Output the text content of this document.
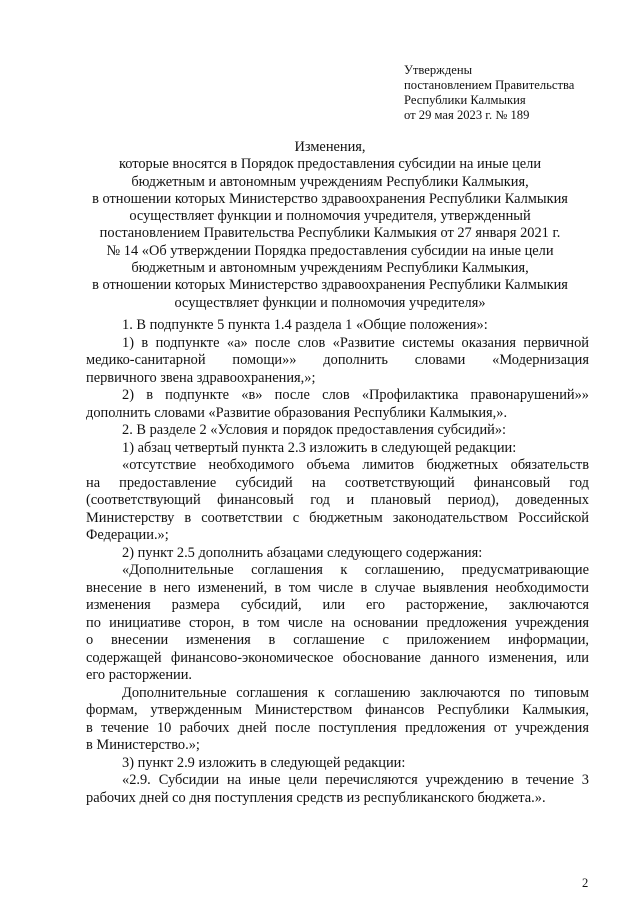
Утверждены
постановлением Правительства
Республики Калмыкия
от 29 мая 2023 г. № 189
Изменения,
которые вносятся в Порядок предоставления субсидии на иные цели
бюджетным и автономным учреждениям Республики Калмыкия,
в отношении которых Министерство здравоохранения Республики Калмыкия
осуществляет функции и полномочия учредителя, утвержденный
постановлением Правительства Республики Калмыкия от 27 января 2021 г.
№ 14 «Об утверждении Порядка предоставления субсидии на иные цели
бюджетным и автономным учреждениям Республики Калмыкия,
в отношении которых Министерство здравоохранения Республики Калмыкия
осуществляет функции и полномочия учредителя»
1. В подпункте 5 пункта 1.4 раздела 1 «Общие положения»:
1) в подпункте «а» после слов «Развитие системы оказания первичной
медико-санитарной помощи»» дополнить словами «Модернизация
первичного звена здравоохранения,»;
2) в подпункте «в» после слов «Профилактика правонарушений»»
дополнить словами «Развитие образования Республики Калмыкия,».
2. В разделе 2 «Условия и порядок предоставления субсидий»:
1) абзац четвертый пункта 2.3 изложить в следующей редакции:
«отсутствие необходимого объема лимитов бюджетных обязательств
на предоставление субсидий на соответствующий финансовый год
(соответствующий финансовый год и плановый период), доведенных
Министерству в соответствии с бюджетным законодательством Российской
Федерации.»;
2) пункт 2.5 дополнить абзацами следующего содержания:
«Дополнительные соглашения к соглашению, предусматривающие
внесение в него изменений, в том числе в случае выявления необходимости
изменения размера субсидий, или его расторжение, заключаются
по инициативе сторон, в том числе на основании предложения учреждения
о внесении изменения в соглашение с приложением информации,
содержащей финансово-экономическое обоснование данного изменения, или
его расторжении.
Дополнительные соглашения к соглашению заключаются по типовым
формам, утвержденным Министерством финансов Республики Калмыкия,
в течение 10 рабочих дней после поступления предложения от учреждения
в Министерство.»;
3) пункт 2.9 изложить в следующей редакции:
«2.9. Субсидии на иные цели перечисляются учреждению в течение 3
рабочих дней со дня поступления средств из республиканского бюджета.».
2
